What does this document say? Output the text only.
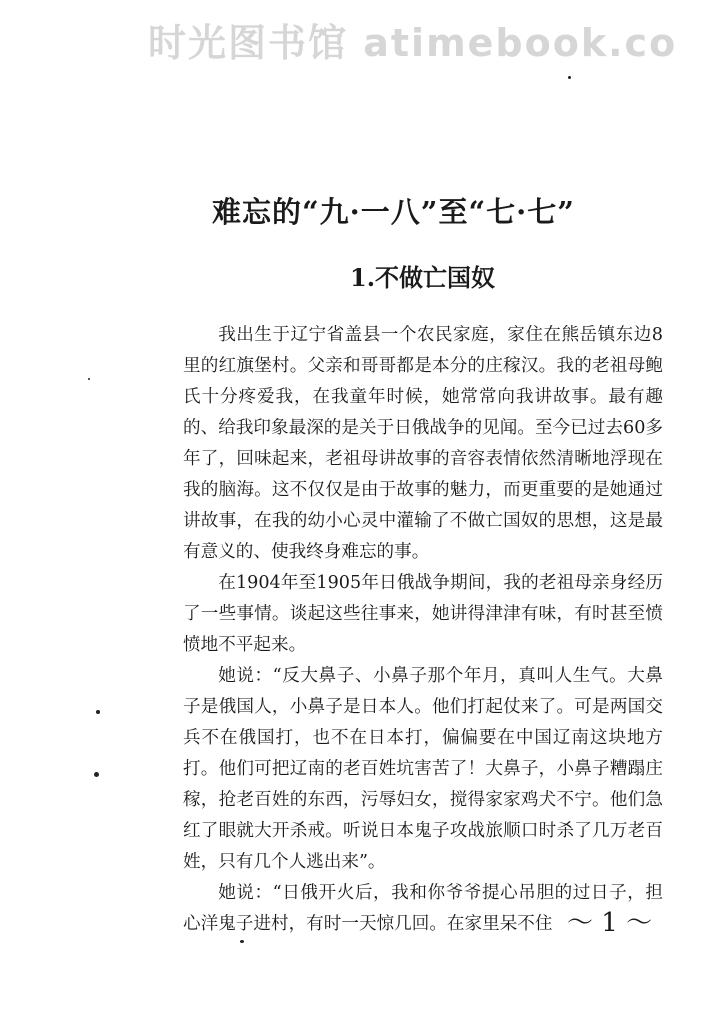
时光图书馆 atimebook.co
难忘的“九·一八”至“七·七”
1.不做亡国奴

我出生于辽宁省盖县一个农民家庭，家住在熊岳镇东边8里的红旗堡村。父亲和哥哥都是本分的庄稼汉。我的老祖母鲍氏十分疼爱我，在我童年时候，她常常向我讲故事。最有趣的、给我印象最深的是关于日俄战争的见闻。至今已过去60多年了，回味起来，老祖母讲故事的音容表情依然清晰地浮现在我的脑海。这不仅仅是由于故事的魅力，而更重要的是她通过讲故事，在我的幼小心灵中灌输了不做亡国奴的思想，这是最有意义的、使我终身难忘的事。

在1904年至1905年日俄战争期间，我的老祖母亲身经历了一些事情。谈起这些往事来，她讲得津津有味，有时甚至愤愤地不平起来。

她说：“反大鼻子、小鼻子那个年月，真叫人生气。大鼻子是俄国人，小鼻子是日本人。他们打起仗来了。可是两国交兵不在俄国打，也不在日本打，偏偏要在中国辽南这块地方打。他们可把辽南的老百姓坑害苦了！大鼻子，小鼻子糟蹋庄稼，抢老百姓的东西，污辱妇女，搅得家家鸡犬不宁。他们急红了眼就大开杀戒。听说日本鬼子攻战旅顺口时杀了几万老百姓，只有几个人逃出来”。

她说：“日俄开火后，我和你爷爷提心吊胆的过日子，担心洋鬼子进村，有时一天惊几回。在家里呆不住 ～ 1 ～
